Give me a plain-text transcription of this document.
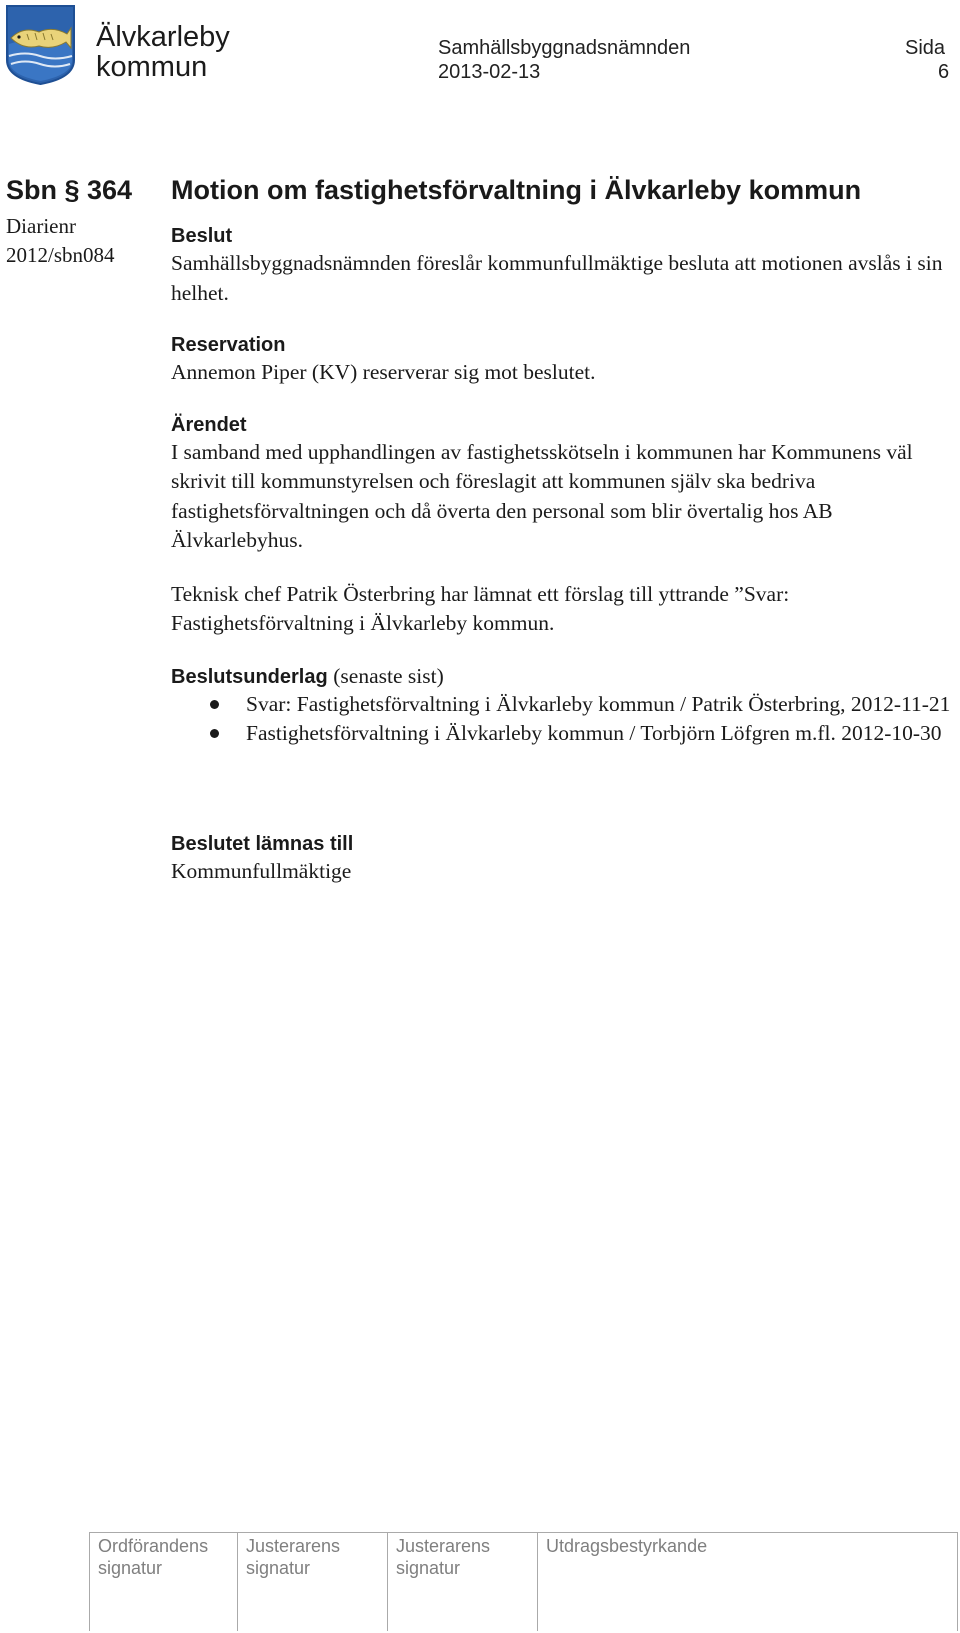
Älvkarleby
kommun
Samhällsbyggnadsnämnden
2013-02-13
Sida
6
Sbn § 364
Diarienr
2012/sbn084
Motion om fastighetsförvaltning i Älvkarleby kommun
Beslut

Samhällsbyggnadsnämnden föreslår kommunfullmäktige besluta att motionen avslås i sin helhet.

Reservation

Annemon Piper (KV) reserverar sig mot beslutet.

Ärendet

I samband med upphandlingen av fastighetsskötseln i kommunen har Kommunens väl skrivit till kommunstyrelsen och föreslagit att kommunen själv ska bedriva fastighetsförvaltningen och då överta den personal som blir övertalig hos AB Älvkarlebyhus.

Teknisk chef Patrik Österbring har lämnat ett förslag till yttrande ”Svar: Fastighetsförvaltning i Älvkarleby kommun.

Beslutsunderlag (senaste sist)
Svar: Fastighetsförvaltning i Älvkarleby kommun / Patrik Österbring, 2012-11-21
Fastighetsförvaltning i Älvkarleby kommun / Torbjörn Löfgren m.fl. 2012-10-30
Beslutet lämnas till

Kommunfullmäktige

Ordförandens
signatur
Justerarens
signatur
Justerarens
signatur
Utdragsbestyrkande
